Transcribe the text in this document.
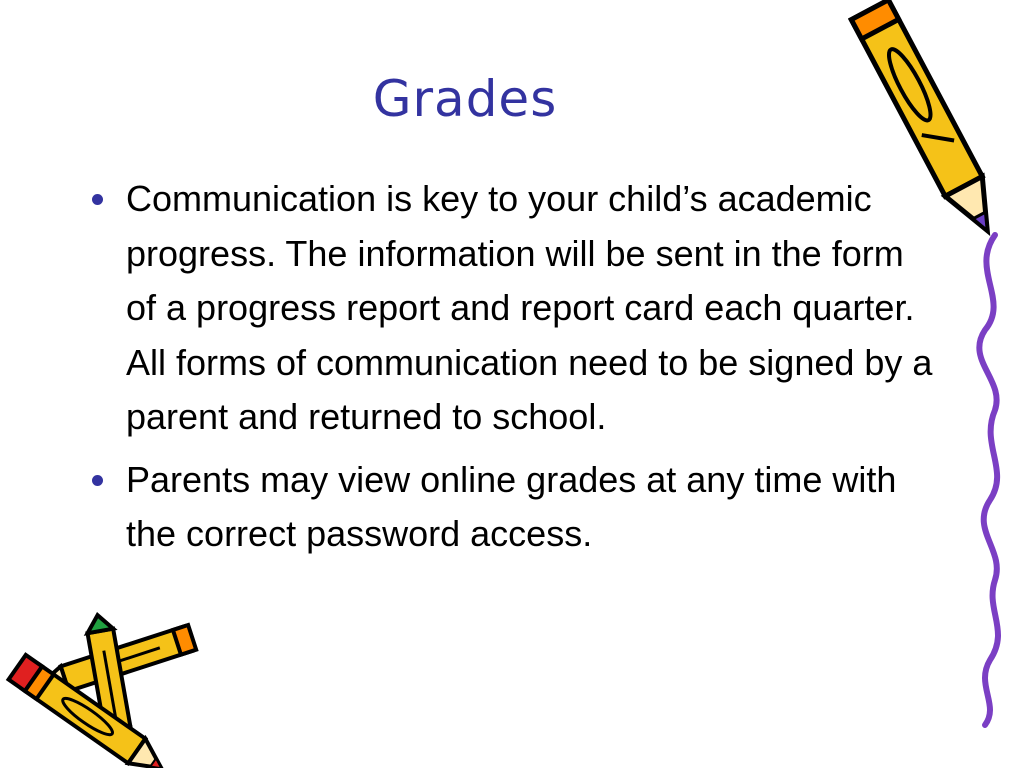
Grades
Communication is key to your child’s academic progress. The information will be sent in the form of a progress report and report card each quarter. All forms of communication need to be signed by a parent and returned to school.
Parents may view online grades at any time with the correct password access.
